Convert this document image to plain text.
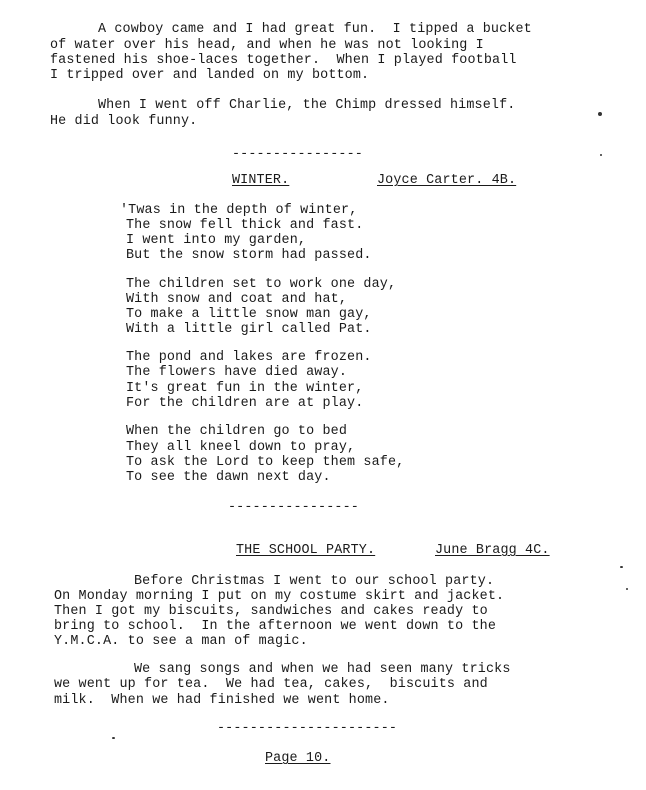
A cowboy came and I had great fun.  I tipped a bucket
of water over his head, and when he was not looking I
fastened his shoe-laces together.  When I played football
I tripped over and landed on my bottom.
When I went off Charlie, the Chimp dressed himself.
He did look funny.
----------------
WINTER.	Joyce Carter. 4B.
'Twas in the depth of winter,
The snow fell thick and fast.
I went into my garden,
But the snow storm had passed.
The children set to work one day,
With snow and coat and hat,
To make a little snow man gay,
With a little girl called Pat.
The pond and lakes are frozen.
The flowers have died away.
It's great fun in the winter,
For the children are at play.
When the children go to bed
They all kneel down to pray,
To ask the Lord to keep them safe,
To see the dawn next day.
----------------
THE SCHOOL PARTY.	June Bragg 4C.
Before Christmas I went to our school party.
On Monday morning I put on my costume skirt and jacket.
Then I got my biscuits, sandwiches and cakes ready to
bring to school.  In the afternoon we went down to the
Y.M.C.A. to see a man of magic.
We sang songs and when we had seen many tricks
we went up for tea.  We had tea, cakes,  biscuits and
milk.  When we had finished we went home.
----------------------
Page 10.
